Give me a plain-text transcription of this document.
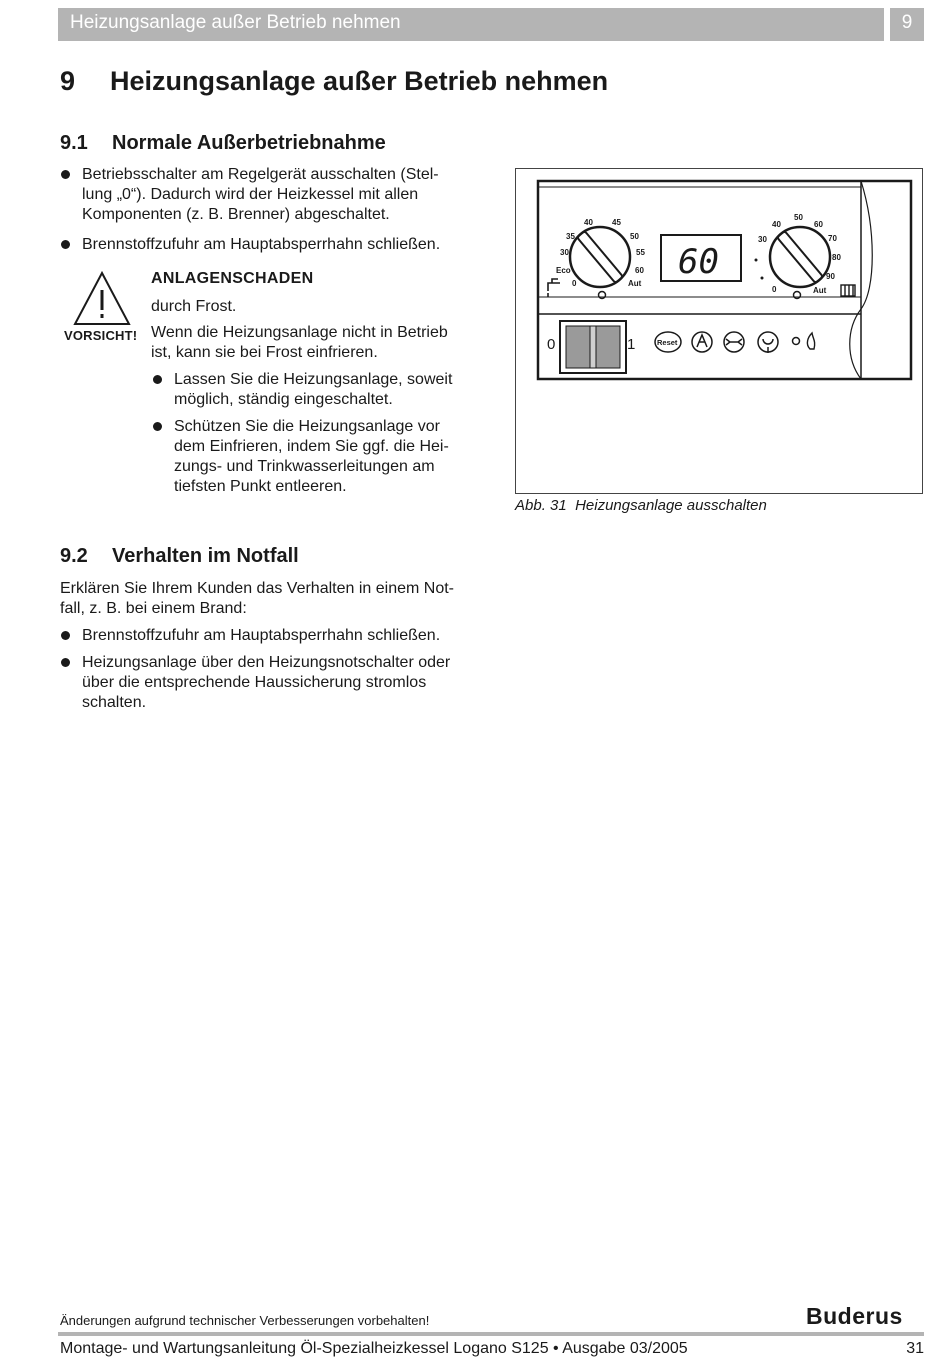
Heizungsanlage außer Betrieb nehmen	9
9 Heizungsanlage außer Betrieb nehmen
9.1 Normale Außerbetriebnahme
Betriebsschalter am Regelgerät ausschalten (Stel-
lung „0“). Dadurch wird der Heizkessel mit allen
Komponenten (z. B. Brenner) abgeschaltet.
Brennstoffzufuhr am Hauptabsperrhahn schließen.
VORSICHT!
ANLAGENSCHADEN
durch Frost.
Wenn die Heizungsanlage nicht in Betrieb
ist, kann sie bei Frost einfrieren.
Lassen Sie die Heizungsanlage, soweit
möglich, ständig eingeschaltet.
Schützen Sie die Heizungsanlage vor
dem Einfrieren, indem Sie ggf. die Hei-
zungs- und Trinkwasserleitungen am
tiefsten Punkt entleeren.
40 45
35	50
30	55
Eco	60
0	Aut
60
50
40	60
30	70
80
90
0	Aut
0	1	Reset
Abb. 31 Heizungsanlage ausschalten
9.2 Verhalten im Notfall
Erklären Sie Ihrem Kunden das Verhalten in einem Not-
fall, z. B. bei einem Brand:
Brennstoffzufuhr am Hauptabsperrhahn schließen.
Heizungsanlage über den Heizungsnotschalter oder
über die entsprechende Haussicherung stromlos
schalten.
Änderungen aufgrund technischer Verbesserungen vorbehalten!	Buderus
Montage- und Wartungsanleitung Öl-Spezialheizkessel Logano S125 • Ausgabe 03/2005	31
